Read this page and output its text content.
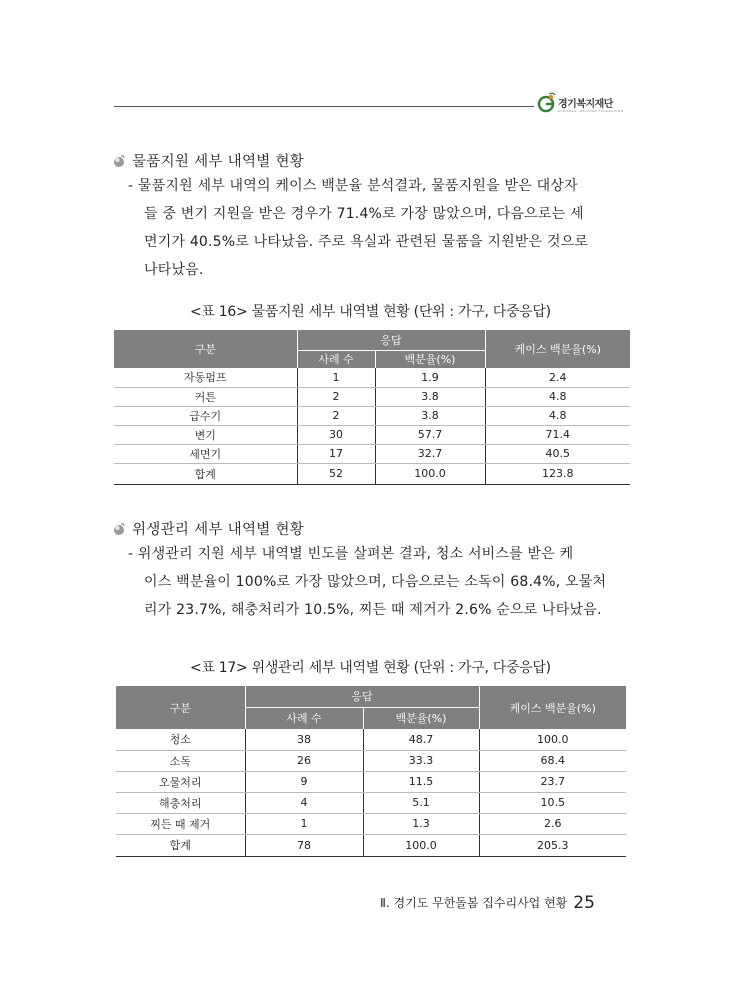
경기복지재단
GYEONGGI WELFARE FOUNDATION
물품지원 세부 내역별 현황
- 물품지원 세부 내역의 케이스 백분율 분석결과, 물품지원을 받은 대상자
들 중 변기 지원을 받은 경우가 71.4%로 가장 많았으며, 다음으로는 세
면기가 40.5%로 나타났음. 주로 욕실과 관련된 물품을 지원받은 것으로
나타났음.
<표 16> 물품지원 세부 내역별 현황 (단위 : 가구, 다중응답)
구분	응답		케이스 백분율(%)
	사례 수	백분율(%)	
자동펌프	1	1.9	2.4
커튼	2	3.8	4.8
급수기	2	3.8	4.8
변기	30	57.7	71.4
세면기	17	32.7	40.5
합계	52	100.0	123.8
위생관리 세부 내역별 현황
- 위생관리 지원 세부 내역별 빈도를 살펴본 결과, 청소 서비스를 받은 케
이스 백분율이 100%로 가장 많았으며, 다음으로는 소독이 68.4%, 오물처
리가 23.7%, 해충처리가 10.5%, 찌든 때 제거가 2.6% 순으로 나타났음.
<표 17> 위생관리 세부 내역별 현황 (단위 : 가구, 다중응답)
구분	응답		케이스 백분율(%)
	사례 수	백분율(%)	
청소	38	48.7	100.0
소독	26	33.3	68.4
오물처리	9	11.5	23.7
해충처리	4	5.1	10.5
찌든 때 제거	1	1.3	2.6
합계	78	100.0	205.3
Ⅱ. 경기도 무한돌봄 집수리사업 현황 25
